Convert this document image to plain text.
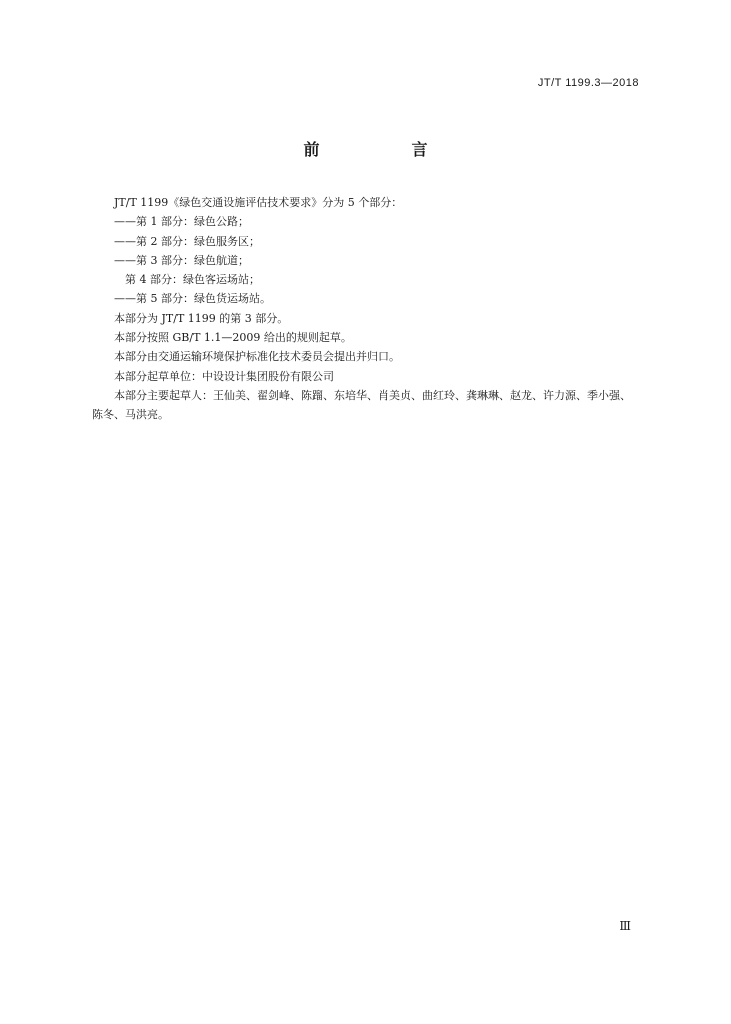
JT/T 1199.3—2018
前　言

JT/T 1199《绿色交通设施评估技术要求》分为 5 个部分：

——第 1 部分：绿色公路；

——第 2 部分：绿色服务区；

——第 3 部分：绿色航道；

　第 4 部分：绿色客运场站；

——第 5 部分：绿色货运场站。

本部分为 JT/T 1199 的第 3 部分。

本部分按照 GB/T 1.1—2009 给出的规则起草。

本部分由交通运输环境保护标准化技术委员会提出并归口。

本部分起草单位：中设设计集团股份有限公司

本部分主要起草人：王仙美、翟剑峰、陈蹓、东培华、肖美贞、曲红玲、龚琳琳、赵龙、许力源、季小强、陈冬、马洪亮。

Ⅲ
